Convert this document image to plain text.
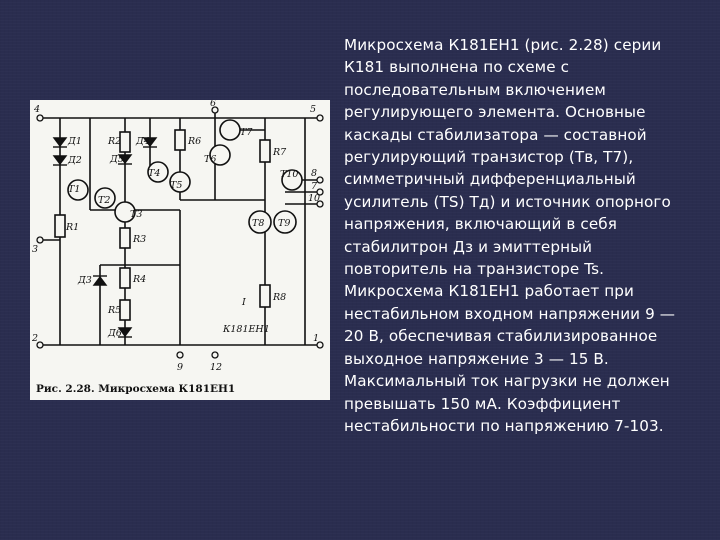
4
6
5
8
7
10
3
1
2
9	12
Д1
Д2
R2 Д4
Д5
R6
T7
T6
R7
T1
T2
T4
T5
T10
R1
T3
T8 T9
R3
Д3	R4
R5
Д6
R8
К181ЕН1
I
Рис. 2.28. Микросхема К181ЕН1

Микросхема К181ЕН1 (рис. 2.28) серии К181 выполнена по схеме с последовательным включением регулирующего элемента. Основные каскады стабилизатора — составной регулирующий транзистор (Тв, Т7), симметричный дифференциальный усилитель (TS) Тд) и источник опорного напряжения, включающий в себя стабилитрон Дз и эмиттерный повторитель на транзисторе Ts. Микросхема К181ЕН1 работает при нестабильном входном напряжении 9 — 20 В, обеспечивая стабилизированное выходное напряжение 3 — 15 В. Максимальный ток нагрузки не должен превышать 150 мА. Коэффициент нестабильности по напряжению 7-103.
